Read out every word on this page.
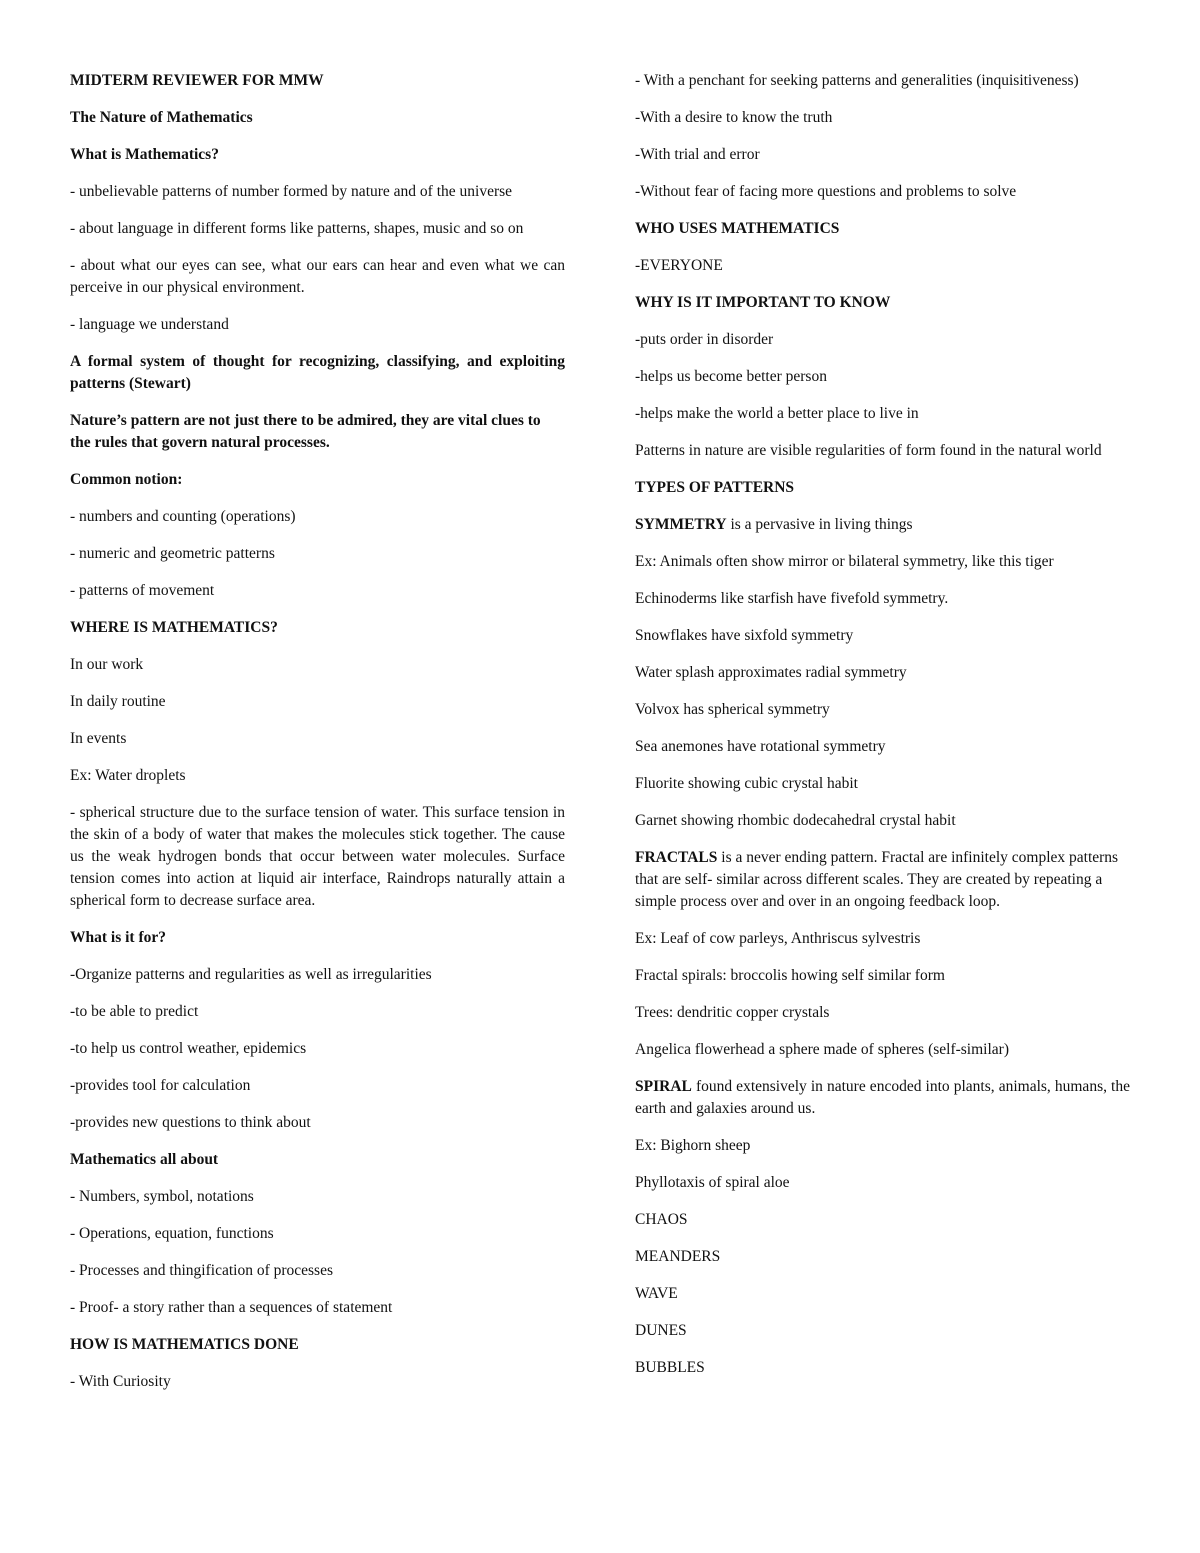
MIDTERM REVIEWER FOR MMW

The Nature of Mathematics

What is Mathematics?

- unbelievable patterns of number formed by nature and of the universe

- about language in different forms like patterns, shapes, music and so on

- about what our eyes can see, what our ears can hear and even what we can perceive in our physical environment.

- language we understand

A formal system of thought for recognizing, classifying, and exploiting patterns (Stewart)

Nature’s pattern are not just there to be admired, they are vital clues to the rules that govern natural processes.

Common notion:

- numbers and counting (operations)

- numeric and geometric patterns

- patterns of movement

WHERE IS MATHEMATICS?

In our work

In daily routine

In events

Ex: Water droplets

- spherical structure due to the surface tension of water. This surface tension in the skin of a body of water that makes the molecules stick together. The cause us the weak hydrogen bonds that occur between water molecules. Surface tension comes into action at liquid air interface, Raindrops naturally attain a spherical form to decrease surface area.

What is it for?

-Organize patterns and regularities as well as irregularities

-to be able to predict

-to help us control weather, epidemics

-provides tool for calculation

-provides new questions to think about

Mathematics all about

- Numbers, symbol, notations

- Operations, equation, functions

- Processes and thingification of processes

- Proof- a story rather than a sequences of statement

HOW IS MATHEMATICS DONE

- With Curiosity

- With a penchant for seeking patterns and generalities (inquisitiveness)

-With a desire to know the truth

-With trial and error

-Without fear of facing more questions and problems to solve

WHO USES MATHEMATICS

-EVERYONE

WHY IS IT IMPORTANT TO KNOW

-puts order in disorder

-helps us become better person

-helps make the world a better place to live in

Patterns in nature are visible regularities of form found in the natural world

TYPES OF PATTERNS

SYMMETRY is a pervasive in living things

Ex: Animals often show mirror or bilateral symmetry, like this tiger

Echinoderms like starfish have fivefold symmetry.

Snowflakes have sixfold symmetry

Water splash approximates radial symmetry

Volvox has spherical symmetry

Sea anemones have rotational symmetry

Fluorite showing cubic crystal habit

Garnet showing rhombic dodecahedral crystal habit

FRACTALS is a never ending pattern. Fractal are infinitely complex patterns that are self- similar across different scales. They are created by repeating a simple process over and over in an ongoing feedback loop.

Ex: Leaf of cow parleys, Anthriscus sylvestris

Fractal spirals: broccolis howing self similar form

Trees: dendritic copper crystals

Angelica flowerhead a sphere made of spheres (self-similar)

SPIRAL found extensively in nature encoded into plants, animals, humans, the earth and galaxies around us.

Ex: Bighorn sheep

Phyllotaxis of spiral aloe

CHAOS

MEANDERS

WAVE

DUNES

BUBBLES
